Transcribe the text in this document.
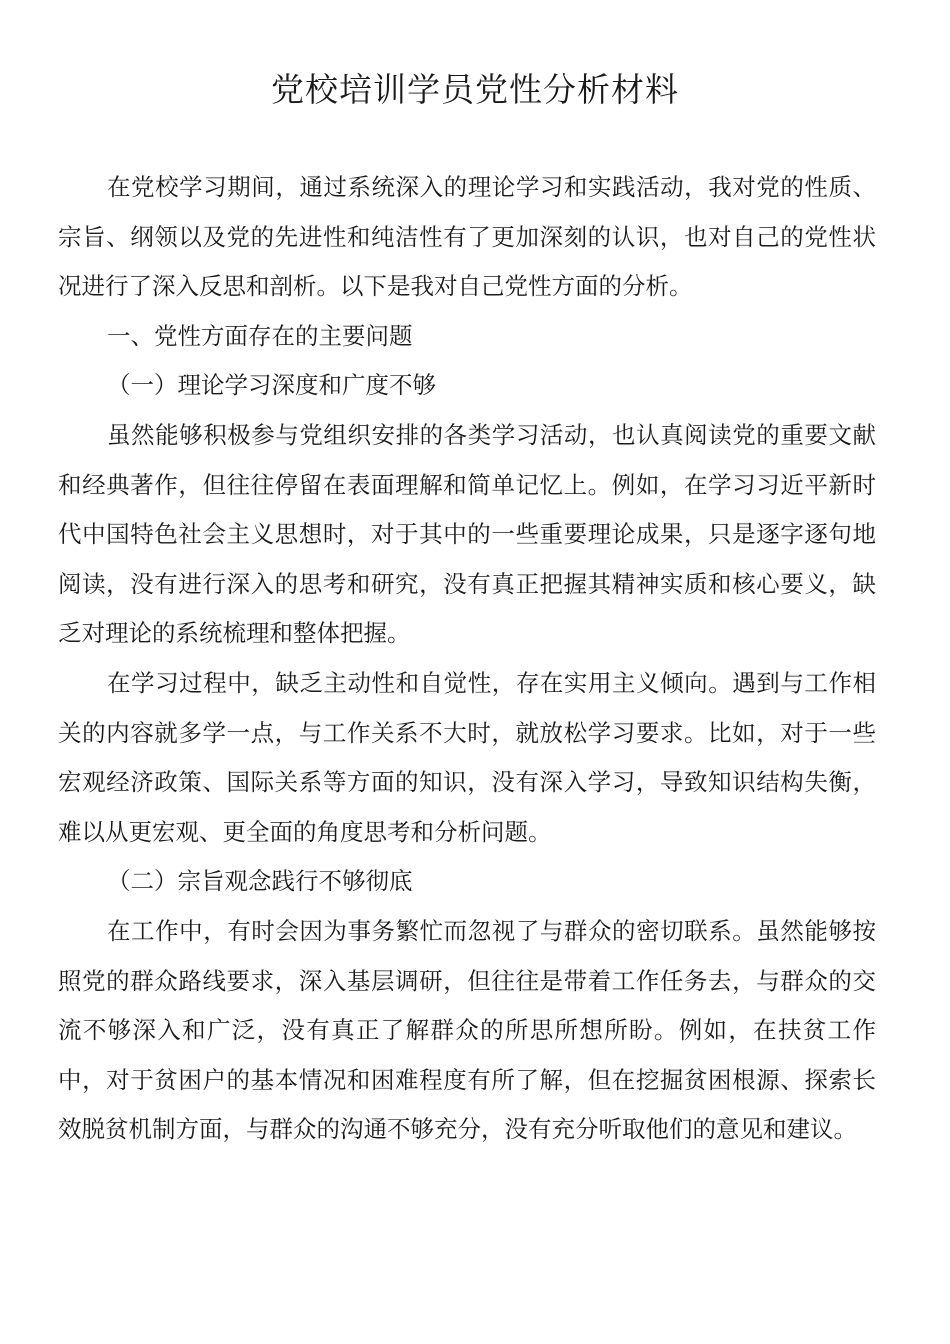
党校培训学员党性分析材料

在党校学习期间，通过系统深入的理论学习和实践活动，我对党的性质、宗旨、纲领以及党的先进性和纯洁性有了更加深刻的认识，也对自己的党性状况进行了深入反思和剖析。以下是我对自己党性方面的分析。

一、党性方面存在的主要问题

（一）理论学习深度和广度不够

虽然能够积极参与党组织安排的各类学习活动，也认真阅读党的重要文献和经典著作，但往往停留在表面理解和简单记忆上。例如，在学习习近平新时代中国特色社会主义思想时，对于其中的一些重要理论成果，只是逐字逐句地阅读，没有进行深入的思考和研究，没有真正把握其精神实质和核心要义，缺乏对理论的系统梳理和整体把握。

在学习过程中，缺乏主动性和自觉性，存在实用主义倾向。遇到与工作相关的内容就多学一点，与工作关系不大时，就放松学习要求。比如，对于一些宏观经济政策、国际关系等方面的知识，没有深入学习，导致知识结构失衡，难以从更宏观、更全面的角度思考和分析问题。

（二）宗旨观念践行不够彻底

在工作中，有时会因为事务繁忙而忽视了与群众的密切联系。虽然能够按照党的群众路线要求，深入基层调研，但往往是带着工作任务去，与群众的交流不够深入和广泛，没有真正了解群众的所思所想所盼。例如，在扶贫工作中，对于贫困户的基本情况和困难程度有所了解，但在挖掘贫困根源、探索长效脱贫机制方面，与群众的沟通不够充分，没有充分听取他们的意见和建议。
